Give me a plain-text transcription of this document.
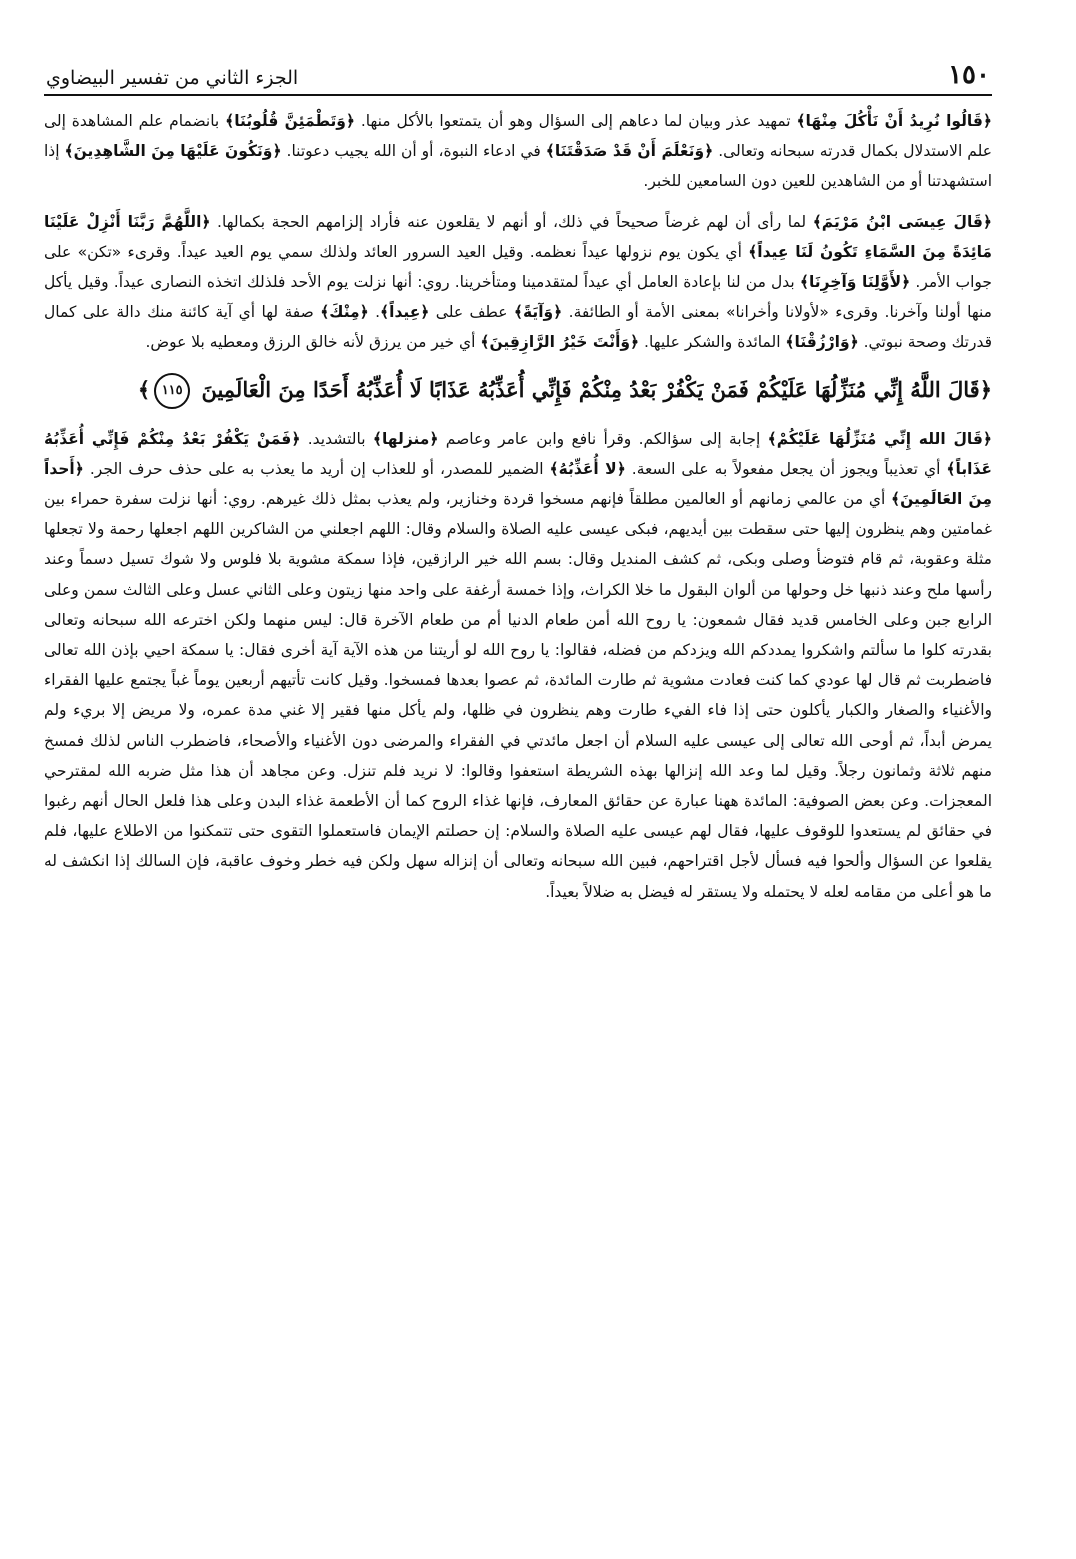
١٥٠
الجزء الثاني من تفسير البيضاوي

﴿قَالُوا نُرِيدُ أَنْ نَأْكُلَ مِنْهَا﴾ تمهيد عذر وبيان لما دعاهم إلى السؤال وهو أن يتمتعوا بالأكل منها. ﴿وَتَطْمَئِنَّ قُلُوبُنَا﴾ بانضمام علم المشاهدة إلى علم الاستدلال بكمال قدرته سبحانه وتعالى. ﴿وَنَعْلَمَ أَنْ قَدْ صَدَقْتَنَا﴾ في ادعاء النبوة، أو أن الله يجيب دعوتنا. ﴿وَنَكُونَ عَلَيْهَا مِنَ الشَّاهِدِينَ﴾ إذا استشهدتنا أو من الشاهدين للعين دون السامعين للخبر.

﴿قَالَ عِيسَى ابْنُ مَرْيَمَ﴾ لما رأى أن لهم غرضاً صحيحاً في ذلك، أو أنهم لا يقلعون عنه فأراد إلزامهم الحجة بكمالها. ﴿اللَّهُمَّ رَبَّنَا أَنْزِلْ عَلَيْنَا مَائِدَةً مِنَ السَّمَاءِ تَكُونُ لَنَا عِيداً﴾ أي يكون يوم نزولها عيداً نعظمه. وقيل العيد السرور العائد ولذلك سمي يوم العيد عيداً. وقرىء «تكن» على جواب الأمر. ﴿لأَوَّلِنَا وَآخِرِنَا﴾ بدل من لنا بإعادة العامل أي عيداً لمتقدمينا ومتأخرينا. روي: أنها نزلت يوم الأحد فلذلك اتخذه النصارى عيداً. وقيل يأكل منها أولنا وآخرنا. وقرىء «لأولانا وأخرانا» بمعنى الأمة أو الطائفة. ﴿وَآيَةً﴾ عطف على ﴿عِيداً﴾. ﴿مِنْكَ﴾ صفة لها أي آية كائنة منك دالة على كمال قدرتك وصحة نبوتي. ﴿وَارْزُقْنَا﴾ المائدة والشكر عليها. ﴿وَأَنْتَ خَيْرُ الرَّازِقِينَ﴾ أي خير من يرزق لأنه خالق الرزق ومعطيه بلا عوض.

﴿قَالَ اللَّهُ إِنِّي مُنَزِّلُهَا عَلَيْكُمْ فَمَنْ يَكْفُرْ بَعْدُ مِنْكُمْ فَإِنِّي أُعَذِّبُهُ عَذَابًا لَا أُعَذِّبُهُ أَحَدًا مِنَ الْعَالَمِينَ
١١٥
﴾

﴿قَالَ الله إِنِّي مُنَزِّلُهَا عَلَيْكُمْ﴾ إجابة إلى سؤالكم. وقرأ نافع وابن عامر وعاصم ﴿منزلها﴾ بالتشديد. ﴿فَمَنْ يَكْفُرْ بَعْدُ مِنْكُمْ فَإِنِّي أُعَذِّبُهُ عَذَاباً﴾ أي تعذيباً ويجوز أن يجعل مفعولاً به على السعة. ﴿لا أُعَذِّبُهُ﴾ الضمير للمصدر، أو للعذاب إن أريد ما يعذب به على حذف حرف الجر. ﴿أَحداً مِنَ العَالَمِينَ﴾ أي من عالمي زمانهم أو العالمين مطلقاً فإنهم مسخوا قردة وخنازير، ولم يعذب بمثل ذلك غيرهم. روي: أنها نزلت سفرة حمراء بين غمامتين وهم ينظرون إليها حتى سقطت بين أيديهم، فبكى عيسى عليه الصلاة والسلام وقال: اللهم اجعلني من الشاكرين اللهم اجعلها رحمة ولا تجعلها مثلة وعقوبة، ثم قام فتوضأ وصلى وبكى، ثم كشف المنديل وقال: بسم الله خير الرازقين، فإذا سمكة مشوية بلا فلوس ولا شوك تسيل دسماً وعند رأسها ملح وعند ذنبها خل وحولها من ألوان البقول ما خلا الكراث، وإذا خمسة أرغفة على واحد منها زيتون وعلى الثاني عسل وعلى الثالث سمن وعلى الرابع جبن وعلى الخامس قديد فقال شمعون: يا روح الله أمن طعام الدنيا أم من طعام الآخرة قال: ليس منهما ولكن اخترعه الله سبحانه وتعالى بقدرته كلوا ما سألتم واشكروا يمددكم الله ويزدكم من فضله، فقالوا: يا روح الله لو أريتنا من هذه الآية آية أخرى فقال: يا سمكة احيي بإذن الله تعالى فاضطربت ثم قال لها عودي كما كنت فعادت مشوية ثم طارت المائدة، ثم عصوا بعدها فمسخوا. وقيل كانت تأتيهم أربعين يوماً غباً يجتمع عليها الفقراء والأغنياء والصغار والكبار يأكلون حتى إذا فاء الفيء طارت وهم ينظرون في ظلها، ولم يأكل منها فقير إلا غني مدة عمره، ولا مريض إلا بريء ولم يمرض أبداً، ثم أوحى الله تعالى إلى عيسى عليه السلام أن اجعل مائدتي في الفقراء والمرضى دون الأغنياء والأصحاء، فاضطرب الناس لذلك فمسخ منهم ثلاثة وثمانون رجلاً. وقيل لما وعد الله إنزالها بهذه الشريطة استعفوا وقالوا: لا نريد فلم تنزل. وعن مجاهد أن هذا مثل ضربه الله لمقترحي المعجزات. وعن بعض الصوفية: المائدة ههنا عبارة عن حقائق المعارف، فإنها غذاء الروح كما أن الأطعمة غذاء البدن وعلى هذا فلعل الحال أنهم رغبوا في حقائق لم يستعدوا للوقوف عليها، فقال لهم عيسى عليه الصلاة والسلام: إن حصلتم الإيمان فاستعملوا التقوى حتى تتمكنوا من الاطلاع عليها، فلم يقلعوا عن السؤال وألحوا فيه فسأل لأجل اقتراحهم، فبين الله سبحانه وتعالى أن إنزاله سهل ولكن فيه خطر وخوف عاقبة، فإن السالك إذا انكشف له ما هو أعلى من مقامه لعله لا يحتمله ولا يستقر له فيضل به ضلالاً بعيداً.
